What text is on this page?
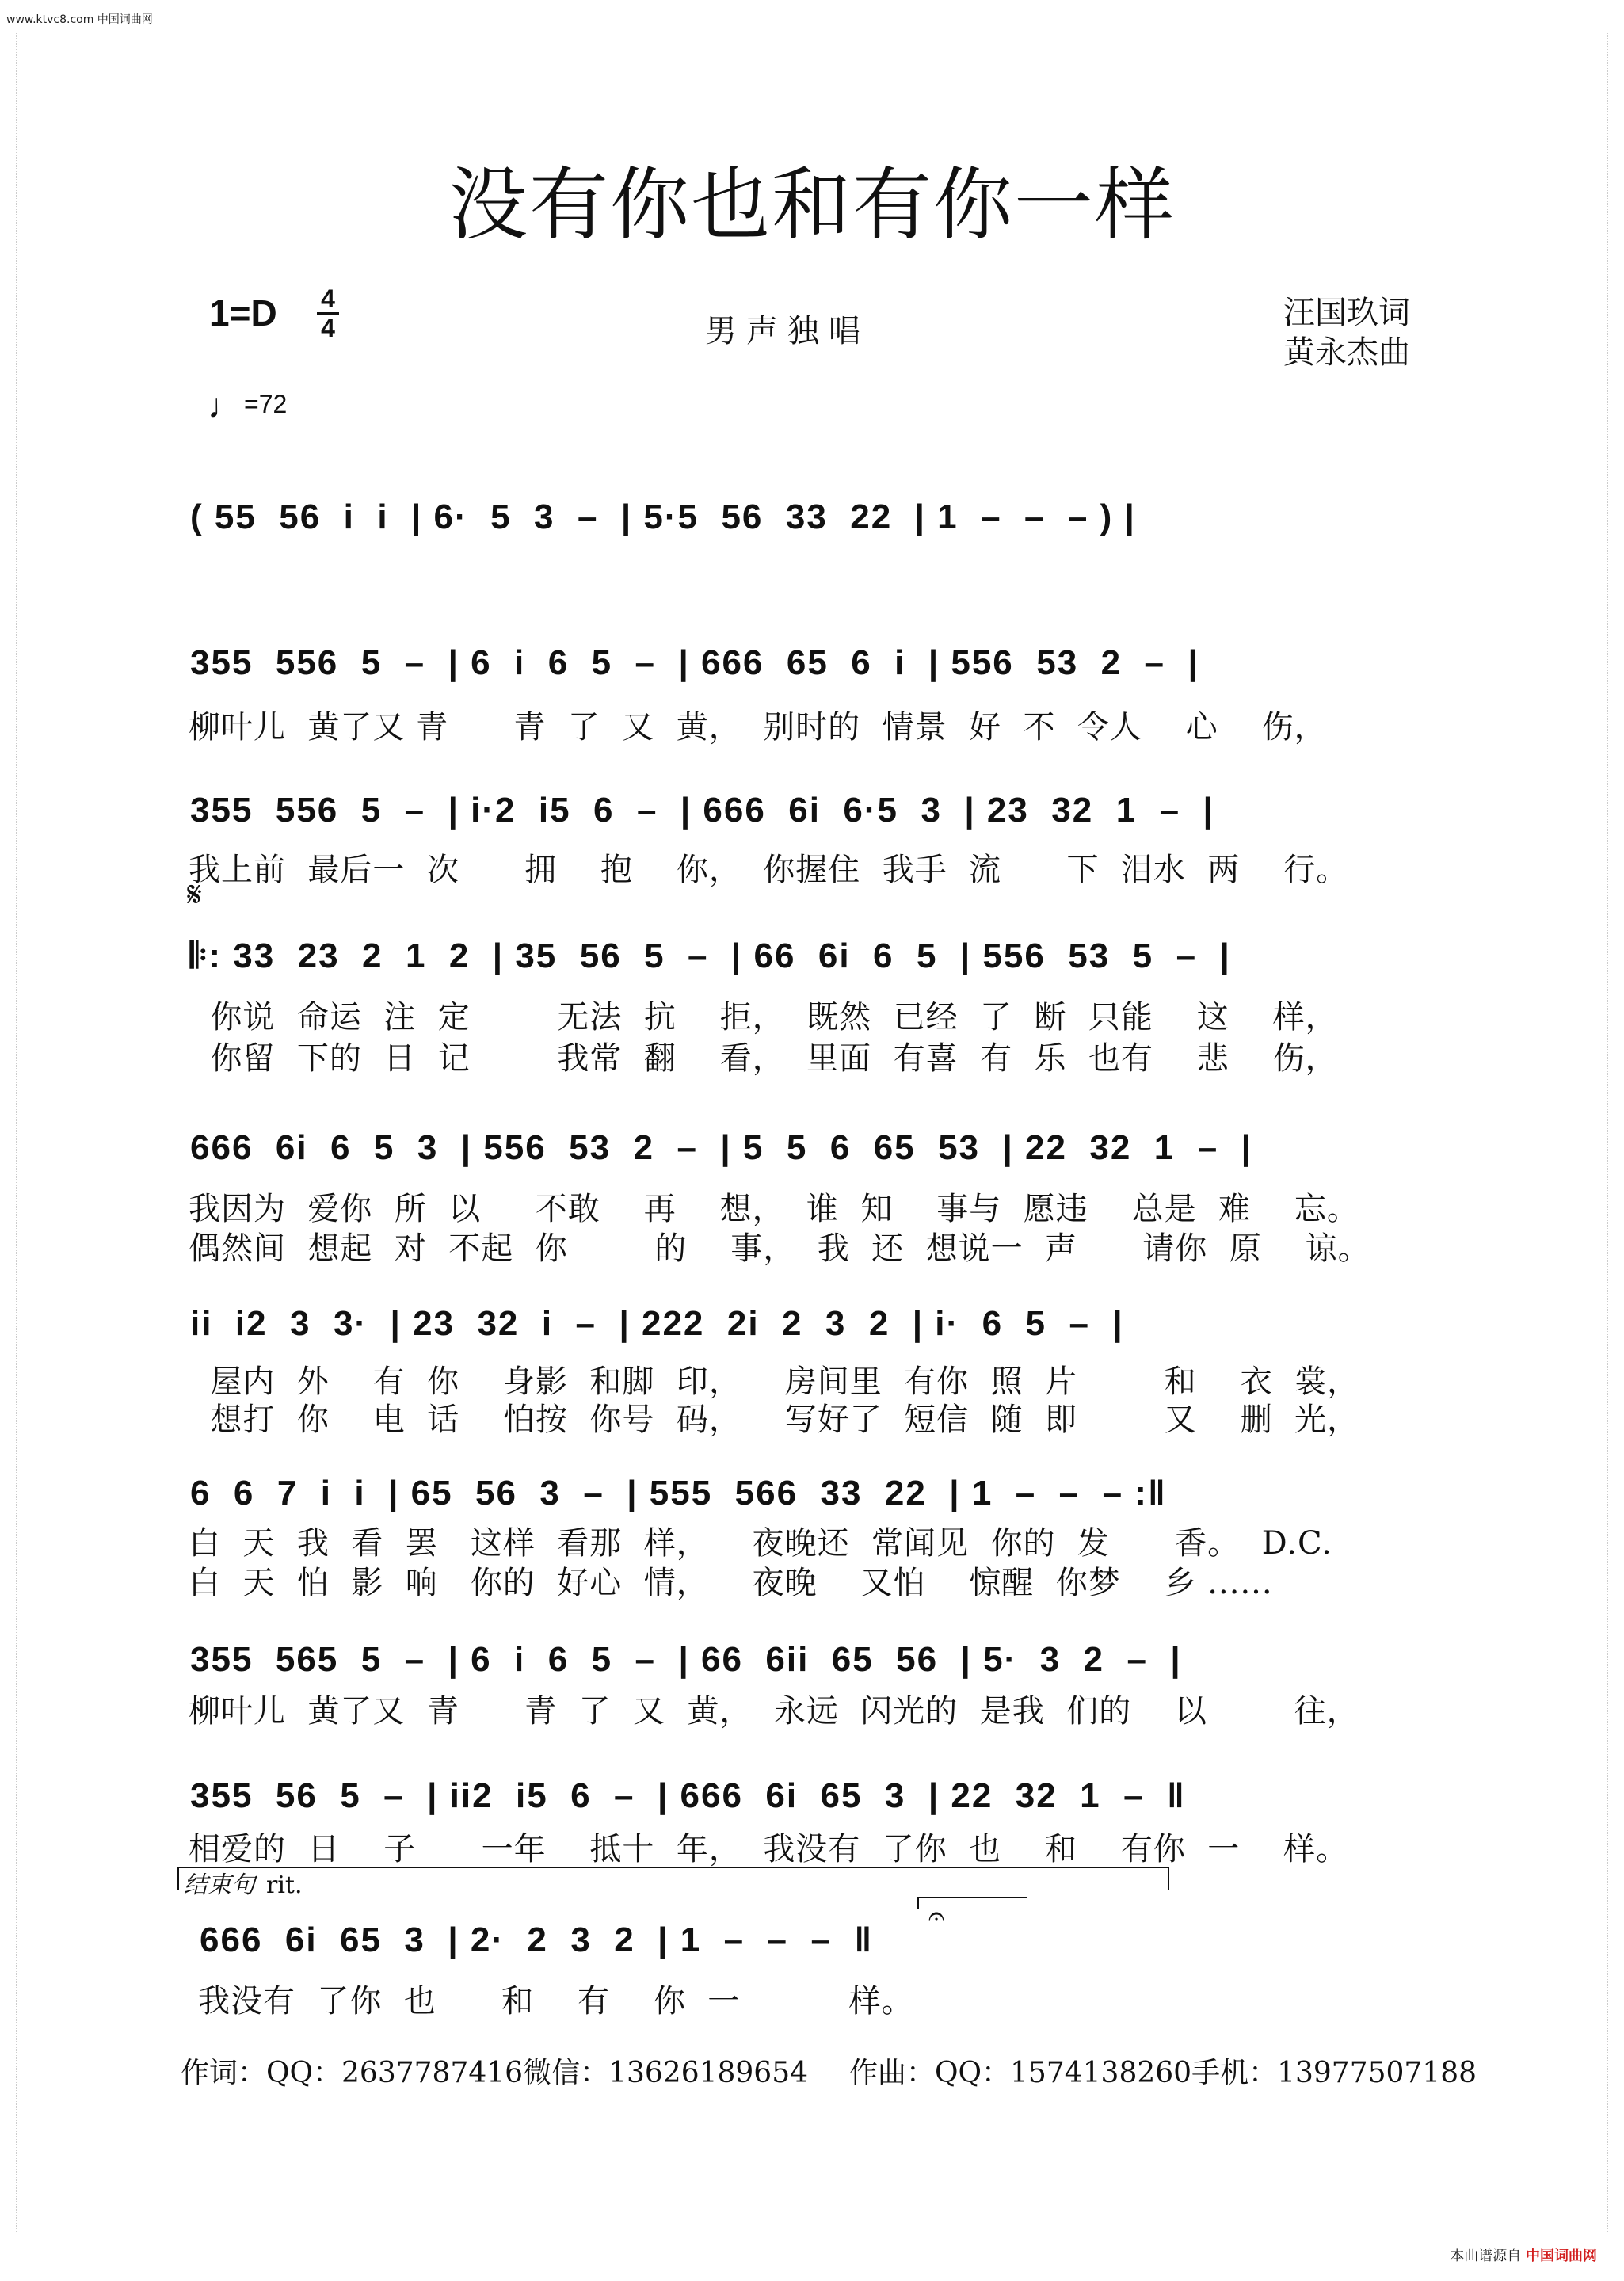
www.ktvc8.com 中国词曲网
没有你也和有你一样
1=D 4
4
♩=72
男声独唱	汪国玖词
黄永杰曲
( 55  56  i  i  | 6·  5  3  –  | 5·5  56  33  22  | 1  –  –  – ) |
355  556  5  –  | 6  i  6  5  –  | 666  65  6  i  | 556  53  2  –  |
柳叶儿  黄了又 青      青  了  又  黄，  别时的  情景  好  不  令人    心    伤，
355  556  5  –  | i·2  i5  6  –  | 666  6i  6·5  3  | 23  32  1  –  |
我上前  最后一  次      拥    抱    你，  你握住  我手  流      下  泪水  两    行。
𝄋
𝄆: 33  23  2  1  2  | 35  56  5  –  | 66  6i  6  5  | 556  53  5  –  |
你说  命运  注  定        无法  抗    拒，  既然  已经  了  断  只能    这    样，
你留  下的  日  记        我常  翻    看，  里面  有喜  有  乐  也有    悲    伤，
666  6i  6  5  3  | 556  53  2  –  | 5  5  6  65  53  | 22  32  1  –  |
我因为  爱你  所  以     不敢    再    想，  谁  知    事与  愿违    总是  难    忘。
偶然间  想起  对  不起  你        的    事，  我  还  想说一  声      请你  原    谅。
ii  i2  3  3·  | 23  32  i  –  | 222  2i  2  3  2  | i·  6  5  –  |
屋内  外    有  你    身影  和脚  印，    房间里  有你  照  片        和    衣  裳，
想打  你    电  话    怕按  你号  码，    写好了  短信  随  即        又    删  光，
6  6  7  i  i  | 65  56  3  –  | 555  566  33  22  | 1  –  –  – :‖
白  天  我  看  罢   这样  看那  样，    夜晚还  常闻见  你的  发      香。  D.C.
白  天  怕  影  响   你的  好心  情，    夜晚    又怕    惊醒  你梦    乡 ......
355  565  5  –  | 6  i  6  5  –  | 66  6ii  65  56  | 5·  3  2  –  |
柳叶儿  黄了又  青      青  了  又  黄，  永远  闪光的  是我  们的    以        往，
355  56  5  –  | ii2  i5  6  –  | 666  6i  65  3  | 22  32  1  –  ‖
相爱的  日    子      一年    抵十  年，  我没有  了你  也    和    有你  一    样。
结束句 rit.
𝄐
666  6i  65  3  | 2·  2  3  2  | 1  –  –  –  ‖
我没有  了你  也      和    有    你  一          样。
作词：QQ：2637787416微信：13626189654 作曲：QQ：1574138260手机：13977507188
本曲谱源自 中国词曲网
